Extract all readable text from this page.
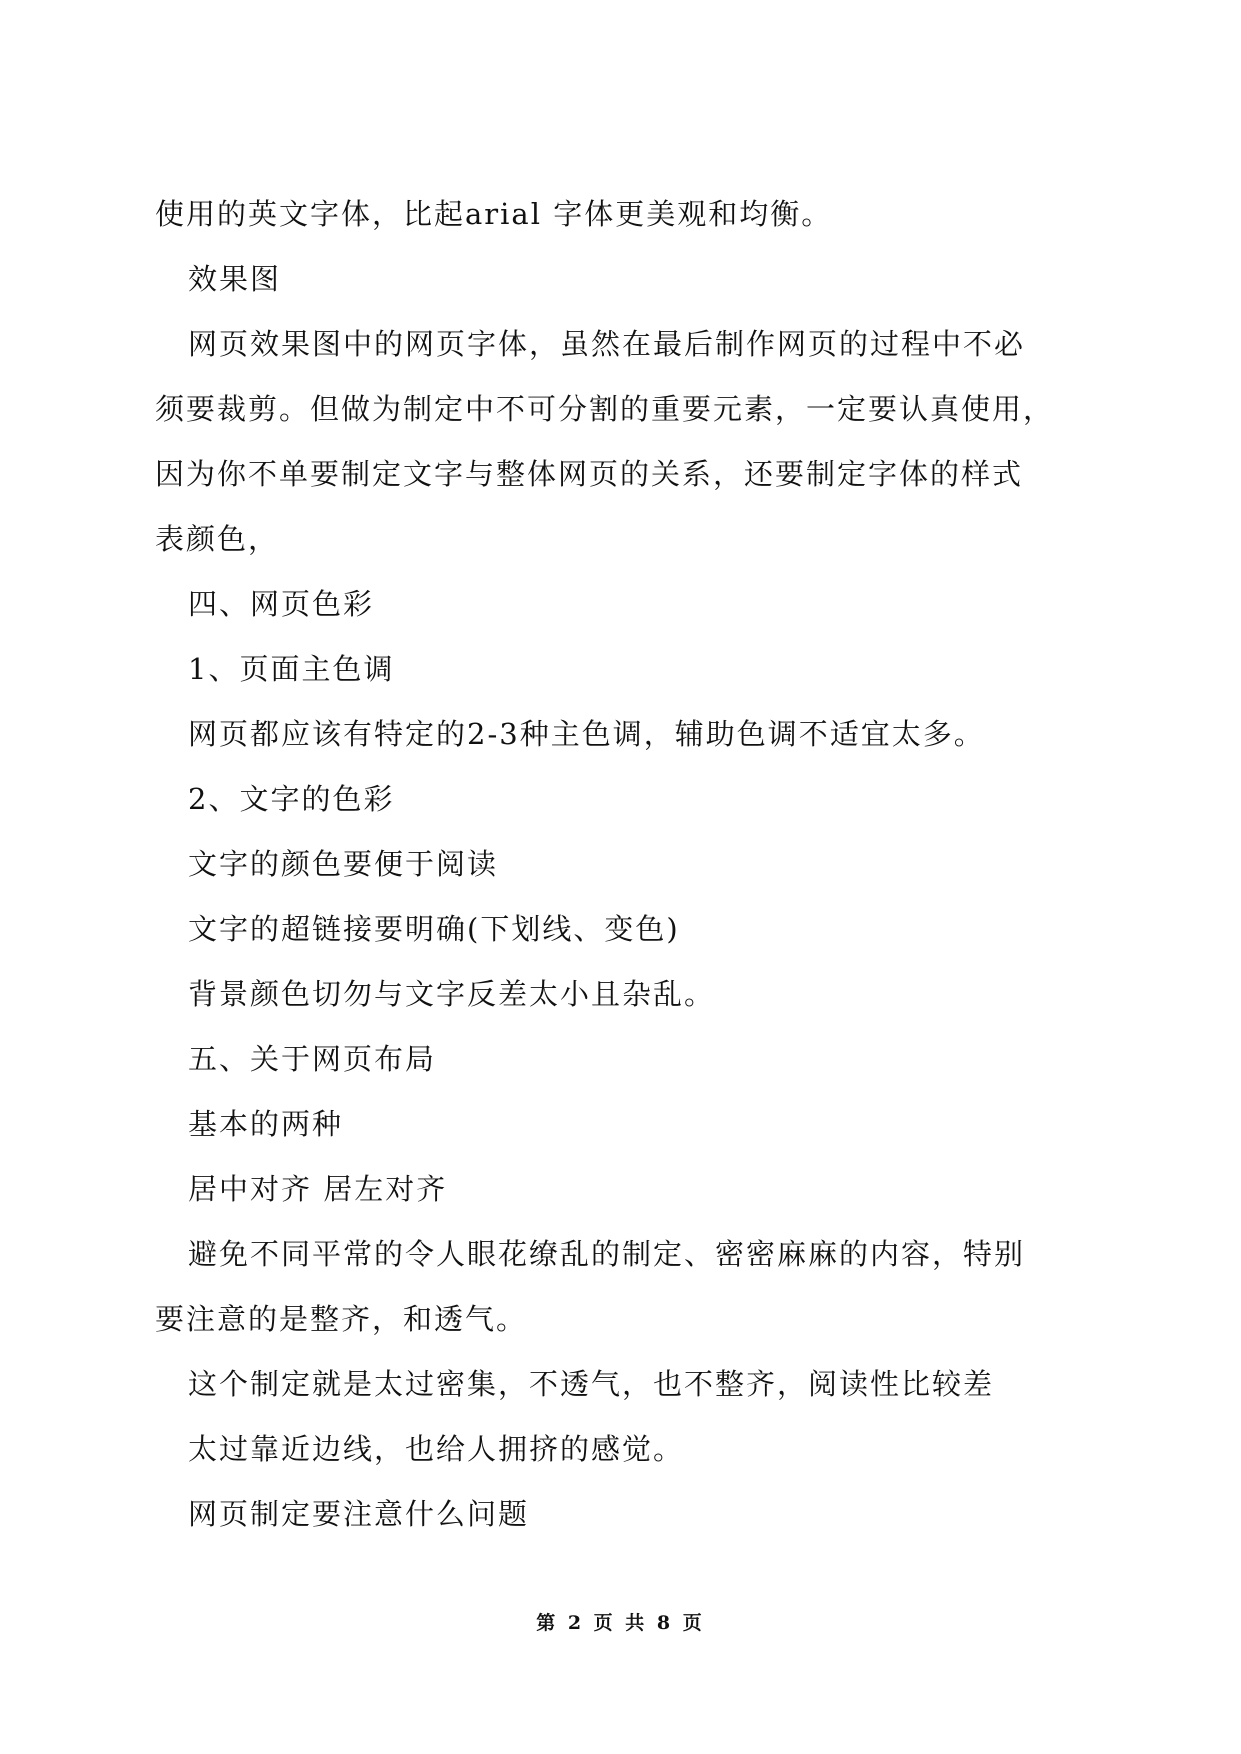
使用的英文字体，比起arial 字体更美观和均衡。
效果图
网页效果图中的网页字体，虽然在最后制作网页的过程中不必
须要裁剪。但做为制定中不可分割的重要元素，一定要认真使用，
因为你不单要制定文字与整体网页的关系，还要制定字体的样式
表颜色，
四、网页色彩
1、页面主色调
网页都应该有特定的2-3种主色调，辅助色调不适宜太多。
2、文字的色彩
文字的颜色要便于阅读
文字的超链接要明确(下划线、变色)
背景颜色切勿与文字反差太小且杂乱。
五、关于网页布局
基本的两种
居中对齐 居左对齐
避免不同平常的令人眼花缭乱的制定、密密麻麻的内容，特别
要注意的是整齐，和透气。
这个制定就是太过密集，不透气，也不整齐，阅读性比较差
太过靠近边线，也给人拥挤的感觉。
网页制定要注意什么问题
第 2 页 共 8 页
